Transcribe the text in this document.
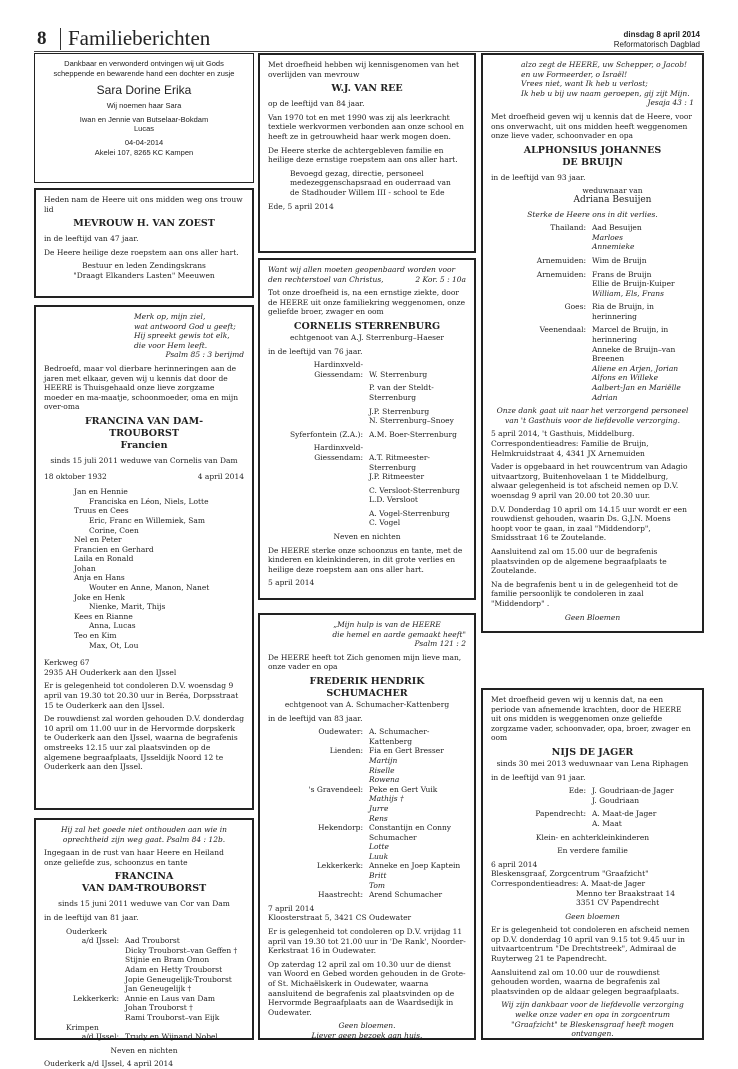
8 Familieberichten	dinsdag 8 april 2014
Reformatorisch Dagblad

Dankbaar en verwonderd ontvingen wij uit Gods scheppende en bewarende hand een dochter en zusje

Sara Dorine Erika

Wij noemen haar Sara

Iwan en Jennie van Butselaar-Bokdam

Lucas

04-04-2014

Akelei 107, 8265 KC Kampen

Heden nam de Heere uit ons midden weg ons trouw lid

MEVROUW H. VAN ZOEST

in de leeftijd van 47 jaar.

De Heere heilige deze roepstem aan ons aller hart.

Bestuur en leden Zendingskrans

"Draagt Elkanders Lasten" Meeuwen

Merk op, mijn ziel,
wat antwoord God u geeft;
Hij spreekt gewis tot elk,
die voor Hem leeft.
Psalm 85 : 3 berijmd

Bedroefd, maar vol dierbare herinneringen aan de jaren met elkaar, geven wij u kennis dat door de HEERE is Thuisgehaald onze lieve zorgzame moeder en ma-maatje, schoonmoeder, oma en mijn over-oma

FRANCINA VAN DAM-
TROUBORST
Francien

sinds 15 juli 2011 weduwe van Cornelis van Dam

18 oktober 1932	4 april 2014
Jan en Hennie
Franciska en Léon, Niels, Lotte
Truus en Cees
Eric, Franc en Willemiek, Sam
Corine, Coen
Nel en Peter
Francien en Gerhard
Laila en Ronald
Johan
Anja en Hans
Wouter en Anne, Manon, Nanet
Joke en Henk
Nienke, Marit, Thijs
Kees en Rianne
Anna, Lucas
Teo en Kim
Max, Ot, Lou

Kerkweg 67

2935 AH Ouderkerk aan den IJssel

Er is gelegenheid tot condoleren D.V. woensdag 9 april van 19.30 tot 20.30 uur in Beréa, Dorpsstraat 15 te Ouderkerk aan den IJssel.

De rouwdienst zal worden gehouden D.V. donderdag 10 april om 11.00 uur in de Hervormde dorpskerk te Ouderkerk aan den IJssel, waarna de begrafenis omstreeks 12.15 uur zal plaatsvinden op de algemene begraafplaats, IJsseldijk Noord 12 te Ouderkerk aan den IJssel.

Hij zal het goede niet onthouden aan wie in

oprechtheid zijn weg gaat. Psalm 84 : 12b.

Ingegaan in de rust van haar Heere en Heiland onze geliefde zus, schoonzus en tante

FRANCINA
VAN DAM-TROUBORST

sinds 15 juni 2011 weduwe van Cor van Dam

in de leeftijd van 81 jaar.

Ouderkerk
a/d IJssel: Aad Trouborst
Dicky Trouborst–van Geffen †
Stijnie en Bram Omon
Adam en Hetty Trouborst
Jopie Geneugelijk-Trouborst
Jan Geneugelijk †
Lekkerkerk: Annie en Laus van Dam
Johan Trouborst †
Rami Trouborst–van Eijk
Krimpen
a/d IJssel: Trudy en Wijnand Nobel

Neven en nichten

Ouderkerk a/d IJssel, 4 april 2014

Met droefheid hebben wij kennisgenomen van het overlijden van mevrouw

W.J. VAN REE

op de leeftijd van 84 jaar.

Van 1970 tot en met 1990 was zij als leerkracht textiele werkvormen verbonden aan onze school en heeft ze in getrouwheid haar werk mogen doen.

De Heere sterke de achtergebleven familie en heilige deze ernstige roepstem aan ons aller hart.

Bevoegd gezag, directie, personeel
medezeggenschapsraad en ouderraad van
de Stadhouder Willem III - school te Ede

Ede, 5 april 2014

Want wij allen moeten geopenbaard worden voor

den rechterstoel van Christus,	2 Kor. 5 : 10a

Tot onze droefheid is, na een ernstige ziekte, door de HEERE uit onze familiekring weggenomen, onze geliefde broer, zwager en oom

CORNELIS STERRENBURG

echtgenoot van A.J. Sterrenburg–Haeser

in de leeftijd van 76 jaar.

Hardinxveld-
Giessendam: W. Sterrenburg
P. van der Steldt-Sterrenburg
J.P. Sterrenburg
N. Sterrenburg–Snoey
Syferfontein (Z.A.): A.M. Boer-Sterrenburg
Hardinxveld-
Giessendam: A.T. Ritmeester-Sterrenburg
J.P. Ritmeester
C. Versloot-Sterrenburg
L.D. Versloot
A. Vogel-Sterrenburg
C. Vogel

Neven en nichten

De HEERE sterke onze schoonzus en tante, met de kinderen en kleinkinderen, in dit grote verlies en heilige deze roepstem aan ons aller hart.

5 april 2014

„Mijn hulp is van de HEERE

die hemel en aarde gemaakt heeft"

Psalm 121 : 2

De HEERE heeft tot Zich genomen mijn lieve man, onze vader en opa

FREDERIK HENDRIK
SCHUMACHER

echtgenoot van A. Schumacher-Kattenberg

in de leeftijd van 83 jaar.

Oudewater: A. Schumacher-Kattenberg
Lienden: Fia en Gert Bresser
Martijn
Riselle
Rowena
's Gravendeel: Peke en Gert Vuik
Mathijs †
Jurre
Rens
Hekendorp: Constantijn en Conny Schumacher
Lotte
Luuk
Lekkerkerk: Anneke en Joep Kaptein
Britt
Tom
Haastrecht: Arend Schumacher

7 april 2014

Kloosterstraat 5, 3421 CS Oudewater

Er is gelegenheid tot condoleren op D.V. vrijdag 11 april van 19.30 tot 21.00 uur in 'De Rank', Noorder-Kerkstraat 16 in Oudewater.

Op zaterdag 12 april zal om 10.30 uur de dienst van Woord en Gebed worden gehouden in de Grote- of St. Michaëlskerk in Oudewater, waarna aansluitend de begrafenis zal plaatsvinden op de Hervormde Begraafplaats aan de Waardsedijk in Oudewater.

Geen bloemen.

Liever geen bezoek aan huis.

alzo zegt de HEERE, uw Schepper, o Jacob!
en uw Formeerder, o Israël!
Vrees niet, want Ik heb u verlost;
Ik heb u bij uw naam geroepen, gij zijt Mijn.
Jesaja 43 : 1

Met droefheid geven wij u kennis dat de Heere, voor ons onverwacht, uit ons midden heeft weggenomen onze lieve vader, schoonvader en opa

ALPHONSIUS JOHANNES
DE BRUIJN

in de leeftijd van 93 jaar.

weduwnaar van

Adriana Besuijen

Sterke de Heere ons in dit verlies.

Thailand: Aad Besuijen
Marloes
Annemieke
Arnemuiden: Wim de Bruijn
Arnemuiden: Frans de Bruijn
Ellie de Bruijn-Kuiper
William, Els, Frans
Goes: Ria de Bruijn, in herinnering
Veenendaal: Marcel de Bruijn, in herinnering
Anneke de Bruijn–van Breenen
Aliene en Arjen, Jorian
Alfons en Willeke
Aalbert-Jan en Mariëlle
Adrian

Onze dank gaat uit naar het verzorgend personeel

van 't Gasthuis voor de liefdevolle verzorging.

5 april 2014, 't Gasthuis, Middelburg.

Correspondentieadres: Familie de Bruijn,

Helmkruidstraat 4, 4341 JX Arnemuiden

Vader is opgebaard in het rouwcentrum van Adagio uitvaartzorg, Buitenhovelaan 1 te Middelburg, alwaar gelegenheid is tot afscheid nemen op D.V. woensdag 9 april van 20.00 tot 20.30 uur.

D.V. Donderdag 10 april om 14.15 uur wordt er een rouwdienst gehouden, waarin Ds. G.J.N. Moens hoopt voor te gaan, in zaal "Middendorp", Smidsstraat 16 te Zoutelande.

Aansluitend zal om 15.00 uur de begrafenis plaatsvinden op de algemene begraafplaats te Zoutelande.

Na de begrafenis bent u in de gelegenheid tot de familie persoonlijk te condoleren in zaal "Middendorp" .

Geen Bloemen

Met droefheid geven wij u kennis dat, na een periode van afnemende krachten, door de HEERE uit ons midden is weggenomen onze geliefde zorgzame vader, schoonvader, opa, broer, zwager en oom

NIJS DE JAGER

sinds 30 mei 2013 weduwnaar van Lena Riphagen

in de leeftijd van 91 jaar.

Ede: J. Goudriaan-de Jager
J. Goudriaan
Papendrecht: A. Maat-de Jager
A. Maat

Klein- en achterkleinkinderen

En verdere familie

6 april 2014

Bleskensgraaf, Zorgcentrum "Graafzicht"

Correspondentieadres: A. Maat-de Jager

Menno ter Braakstraat 14

3351 CV Papendrecht

Geen bloemen

Er is gelegenheid tot condoleren en afscheid nemen op D.V. donderdag 10 april van 9.15 tot 9.45 uur in uitvaartcentrum "De Drechtstreek", Admiraal de Ruyterweg 21 te Papendrecht.

Aansluitend zal om 10.00 uur de rouwdienst gehouden worden, waarna de begrafenis zal plaatsvinden op de aldaar gelegen begraafplaats.

Wij zijn dankbaar voor de liefdevolle verzorging welke onze vader en opa in zorgcentrum "Graafzicht" te Bleskensgraaf heeft mogen ontvangen.
